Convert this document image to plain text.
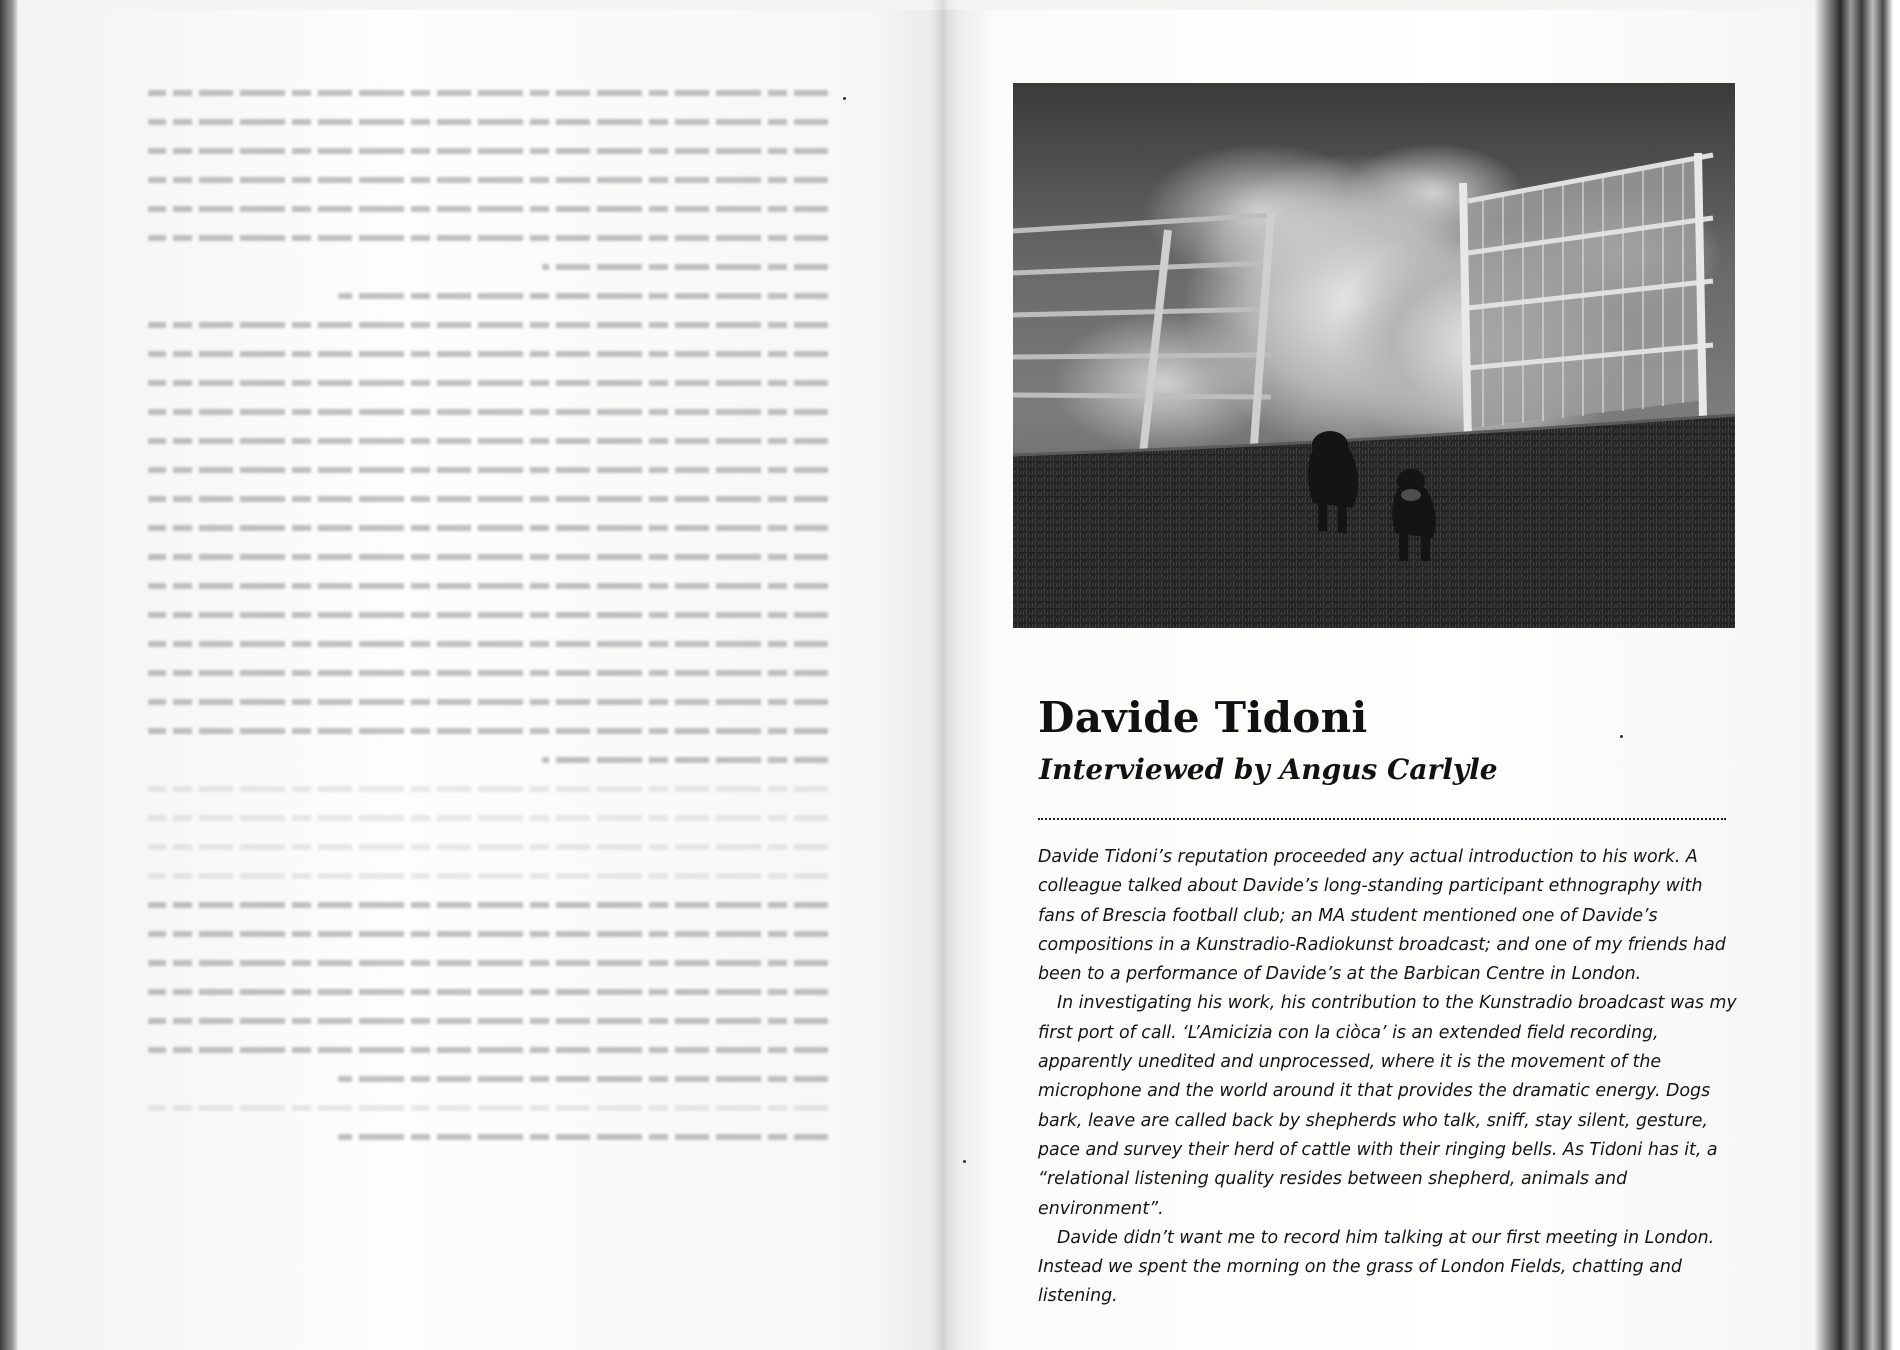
Davide Tidoni
Interviewed by Angus Carlyle

Davide Tidoni’s reputation proceeded any actual introduction to his work. A colleague talked about Davide’s long-standing participant ethnography with fans of Brescia football club; an MA student mentioned one of Davide’s compositions in a Kunstradio-Radiokunst broadcast; and one of my friends had been to a performance of Davide’s at the Barbican Centre in London.

In investigating his work, his contribution to the Kunstradio broadcast was my first port of call. ‘L’Amicizia con la ciòca’ is an extended field recording, apparently unedited and unprocessed, where it is the movement of the microphone and the world around it that provides the dramatic energy. Dogs bark, leave are called back by shepherds who talk, sniff, stay silent, gesture, pace and survey their herd of cattle with their ringing bells. As Tidoni has it, a “relational listening quality resides between shepherd, animals and environment”.

Davide didn’t want me to record him talking at our first meeting in London. Instead we spent the morning on the grass of London Fields, chatting and listening.
